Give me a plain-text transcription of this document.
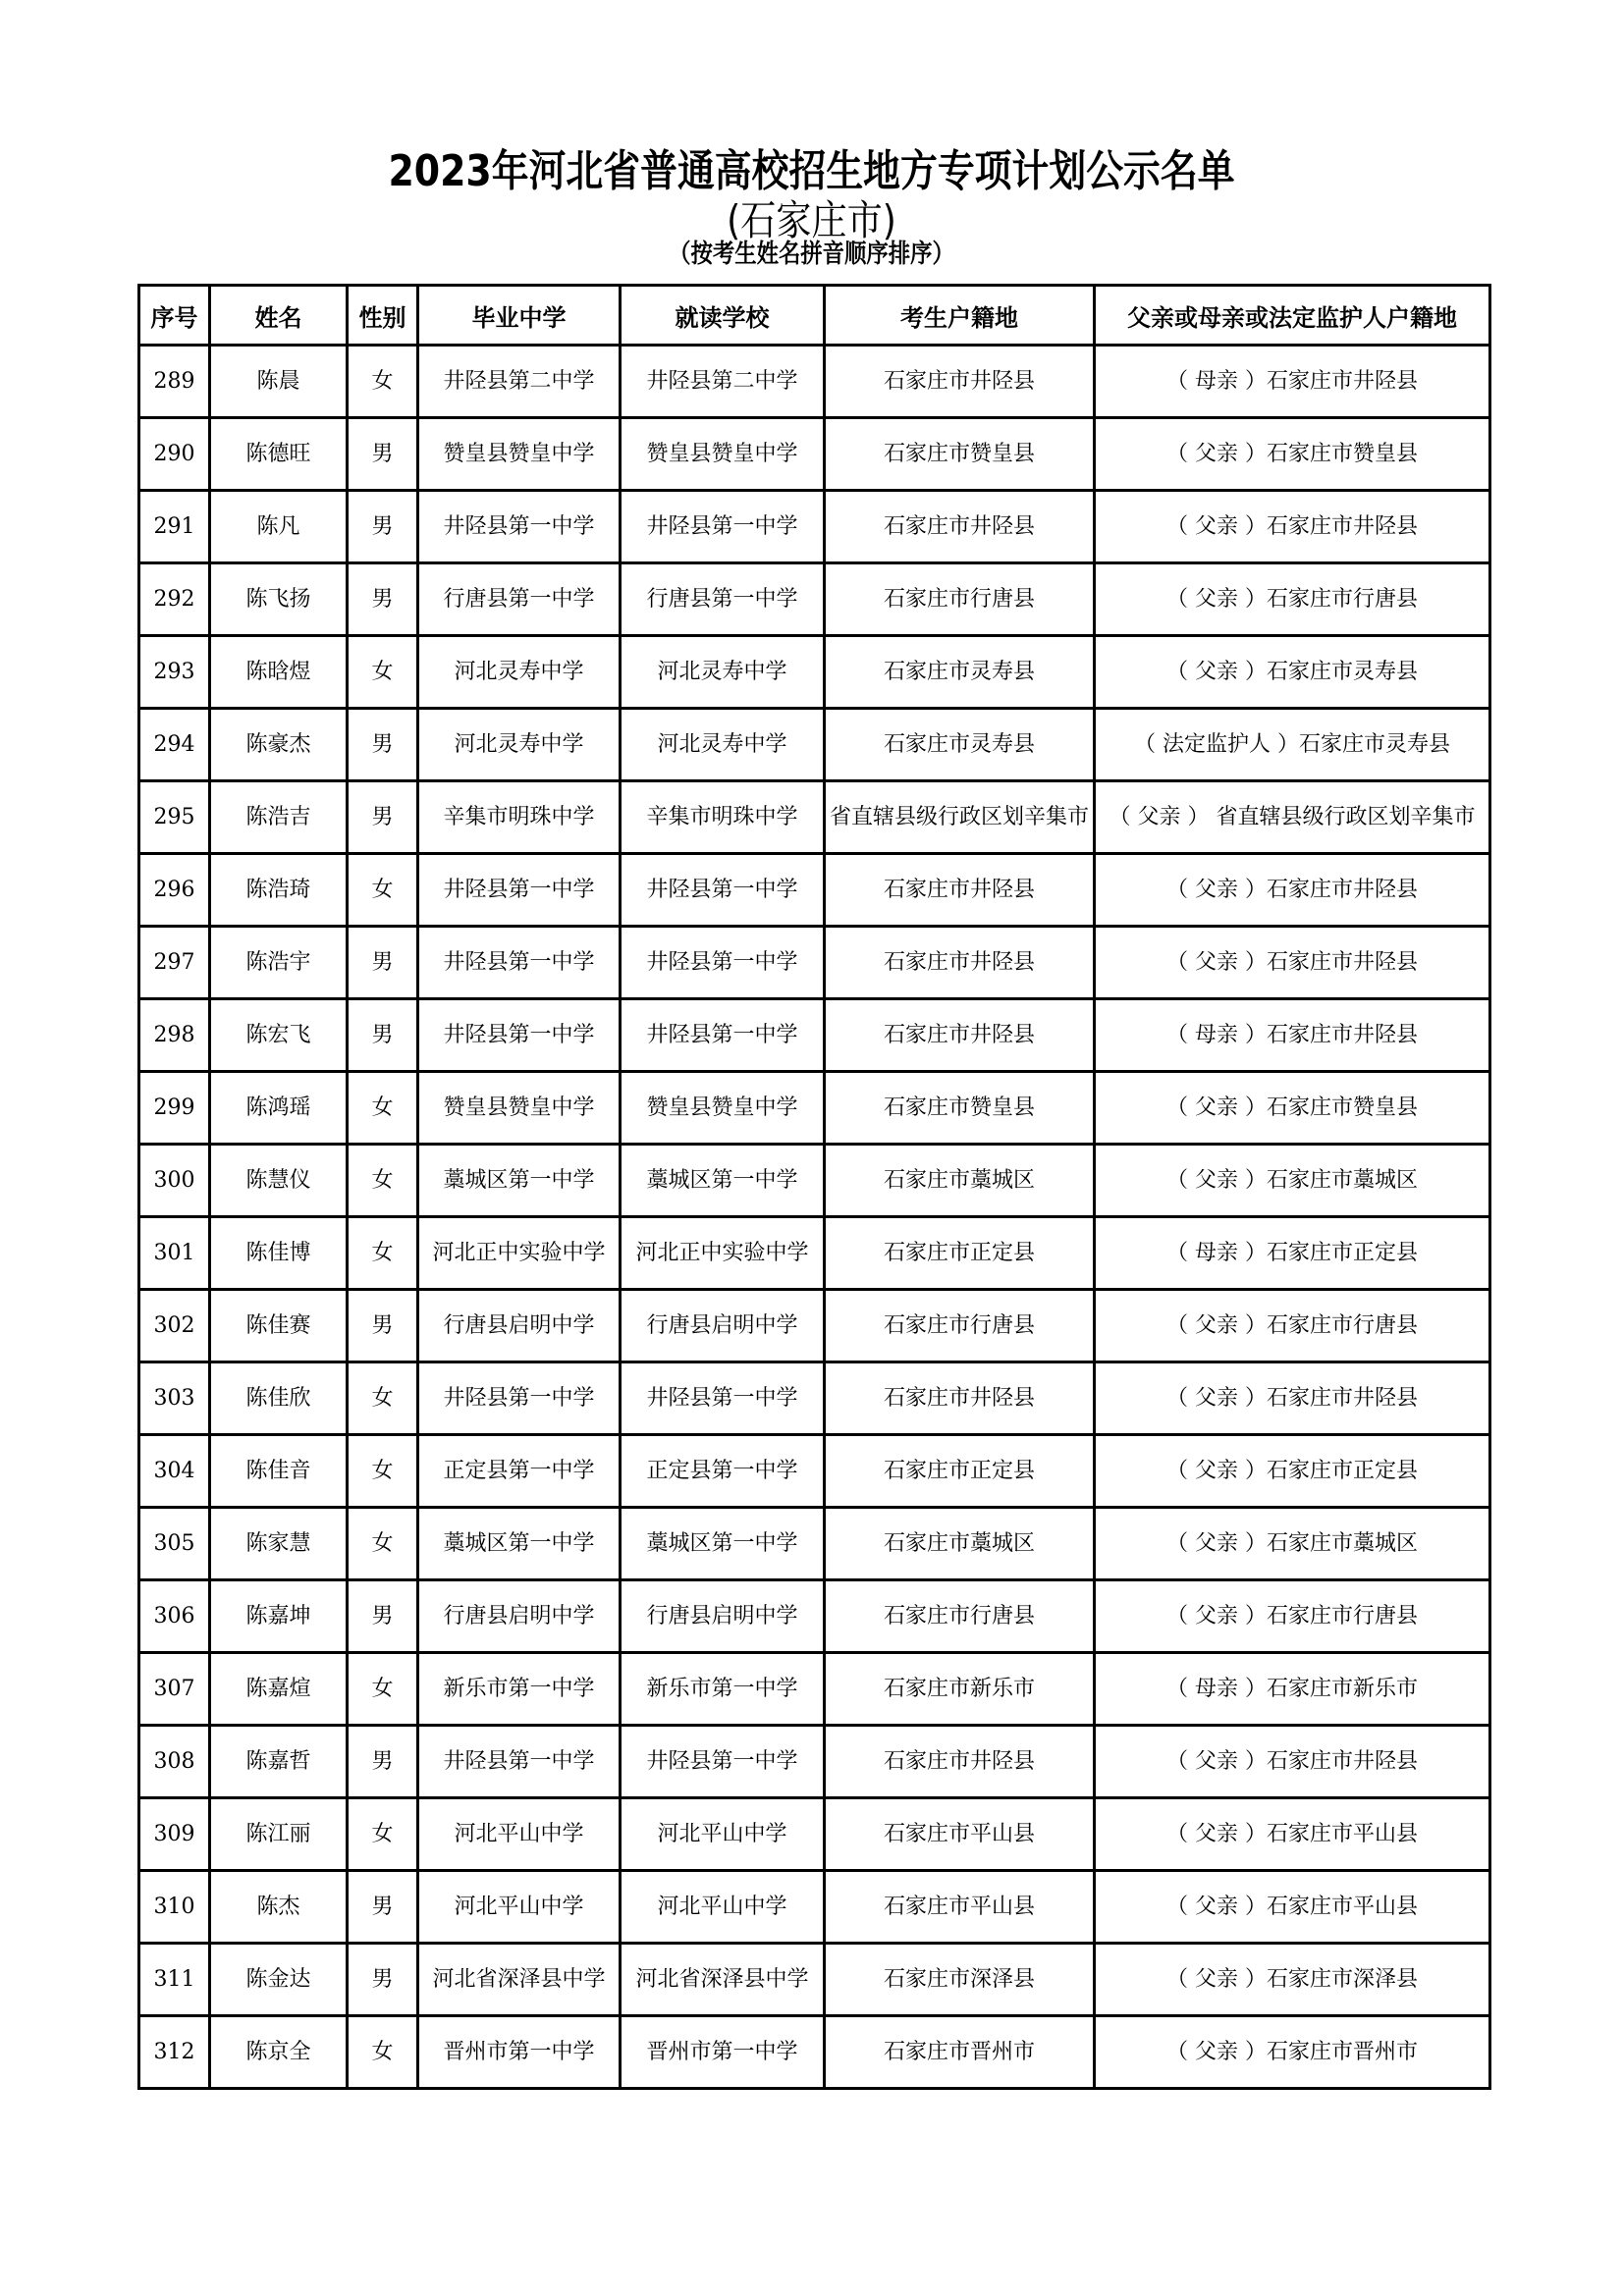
2023年河北省普通高校招生地方专项计划公示名单
(石家庄市)
（按考生姓名拼音顺序排序）
序号	姓名	性别	毕业中学	就读学校	考生户籍地	父亲或母亲或法定监护人户籍地
289	陈晨	女	井陉县第二中学	井陉县第二中学	石家庄市井陉县	（ 母亲 ）石家庄市井陉县
290	陈德旺	男	赞皇县赞皇中学	赞皇县赞皇中学	石家庄市赞皇县	（ 父亲 ）石家庄市赞皇县
291	陈凡	男	井陉县第一中学	井陉县第一中学	石家庄市井陉县	（ 父亲 ）石家庄市井陉县
292	陈飞扬	男	行唐县第一中学	行唐县第一中学	石家庄市行唐县	（ 父亲 ）石家庄市行唐县
293	陈晗煜	女	河北灵寿中学	河北灵寿中学	石家庄市灵寿县	（ 父亲 ）石家庄市灵寿县
294	陈豪杰	男	河北灵寿中学	河北灵寿中学	石家庄市灵寿县	（ 法定监护人 ）石家庄市灵寿县
295	陈浩吉	男	辛集市明珠中学	辛集市明珠中学	省直辖县级行政区划辛集市	（ 父亲 ） 省直辖县级行政区划辛集市
296	陈浩琦	女	井陉县第一中学	井陉县第一中学	石家庄市井陉县	（ 父亲 ）石家庄市井陉县
297	陈浩宇	男	井陉县第一中学	井陉县第一中学	石家庄市井陉县	（ 父亲 ）石家庄市井陉县
298	陈宏飞	男	井陉县第一中学	井陉县第一中学	石家庄市井陉县	（ 母亲 ）石家庄市井陉县
299	陈鸿瑶	女	赞皇县赞皇中学	赞皇县赞皇中学	石家庄市赞皇县	（ 父亲 ）石家庄市赞皇县
300	陈慧仪	女	藁城区第一中学	藁城区第一中学	石家庄市藁城区	（ 父亲 ）石家庄市藁城区
301	陈佳博	女	河北正中实验中学	河北正中实验中学	石家庄市正定县	（ 母亲 ）石家庄市正定县
302	陈佳赛	男	行唐县启明中学	行唐县启明中学	石家庄市行唐县	（ 父亲 ）石家庄市行唐县
303	陈佳欣	女	井陉县第一中学	井陉县第一中学	石家庄市井陉县	（ 父亲 ）石家庄市井陉县
304	陈佳音	女	正定县第一中学	正定县第一中学	石家庄市正定县	（ 父亲 ）石家庄市正定县
305	陈家慧	女	藁城区第一中学	藁城区第一中学	石家庄市藁城区	（ 父亲 ）石家庄市藁城区
306	陈嘉坤	男	行唐县启明中学	行唐县启明中学	石家庄市行唐县	（ 父亲 ）石家庄市行唐县
307	陈嘉煊	女	新乐市第一中学	新乐市第一中学	石家庄市新乐市	（ 母亲 ）石家庄市新乐市
308	陈嘉哲	男	井陉县第一中学	井陉县第一中学	石家庄市井陉县	（ 父亲 ）石家庄市井陉县
309	陈江丽	女	河北平山中学	河北平山中学	石家庄市平山县	（ 父亲 ）石家庄市平山县
310	陈杰	男	河北平山中学	河北平山中学	石家庄市平山县	（ 父亲 ）石家庄市平山县
311	陈金达	男	河北省深泽县中学	河北省深泽县中学	石家庄市深泽县	（ 父亲 ）石家庄市深泽县
312	陈京全	女	晋州市第一中学	晋州市第一中学	石家庄市晋州市	（ 父亲 ）石家庄市晋州市
